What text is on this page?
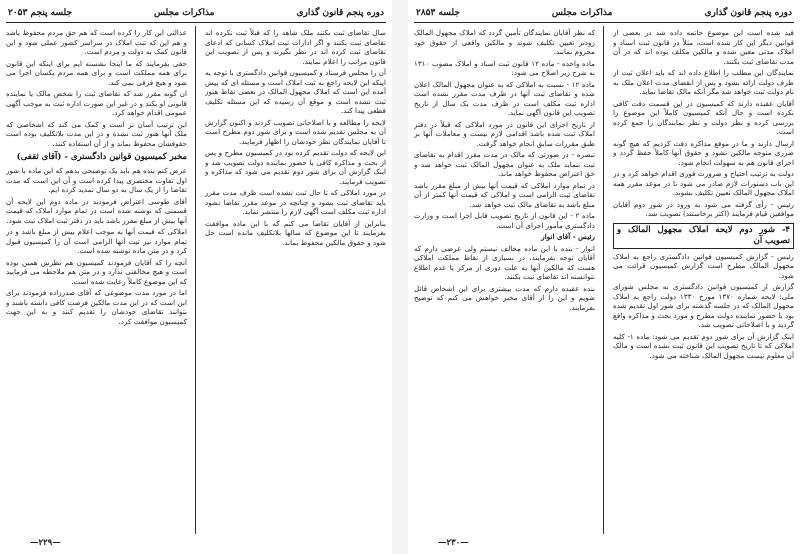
دوره پنجم قانون گذاری
مذاکرات مجلس
جلسه پنجم ۲۰۵۳

سال تقاضای ثبت بکنند ملک شاهد را که قبلاً ثبت نکرده اند تقاضای ثبت بکنند و اگر ادارات ثبت املاک کسانی که ادعای تقاضای ثبت کرده اند در نظر بگیرند و پس از تصویب این قانون مراتب را اعلام نمایند.

آن را مجلس فرستاد و کمیسیون قوانین دادگستری با توجه به اینکه این لایحه راجع به ثبت املاک است و مسئله ای که پیش آمده این است که املاک مجهول المالک در بعضی نقاط هنوز ثبت نشده است و موقع آن رسیده که این مسئله تکلیف قطعی پیدا کند.

لایحه را مطالعه و با اصلاحاتی تصویب کردند و اکنون گزارش آن به مجلس تقدیم شده است و برای شور دوم مطرح است تا آقایان نمایندگان نظر خودشان را اظهار فرمایند.

این لایحه که دولت تقدیم کرده بود در کمیسیون مطرح و پس از بحث و مذاکره کافی با حضور نماینده دولت تصویب شد و اینک گزارش آن برای شور دوم تقدیم می شود که مذاکره و تصویب فرمایند.

در مورد املاکی که تا حال ثبت نشده است ظرف مدت مقرر باید تقاضای ثبت بشود و چنانچه در موعد مقرر تقاضا نشود اداره ثبت مکلف است آگهی لازم را منتشر نماید.

بنابراین از آقایان تقاضا می کنم که با این ماده موافقت بفرمایند تا این موضوع که سالها بلاتکلیف مانده است حل شود و حقوق مالکین محفوظ بماند.

عدالتی این کار را کرده است که هم حق مردم محفوظ باشد و هم این که ثبت املاک در سراسر کشور عملی شود و این قانون کمک به دولت و مردم است.

حقی بفرمایند که ما اینجا نشسته ایم برای اینکه این قانون برای همه مملکت است و برای همه مردم یکسان اجرا می شود و هیچ فرقی نمی کند.

ان گونه مقرر شد که تقاضای ثبت را شخص مالک یا نماینده قانونی او بکند و در غیر این صورت اداره ثبت به موجب آگهی عمومی اقدام خواهد کرد.

این ترتیب آسان تر است و کمک می کند که اشخاصی که ملک آنها هنوز ثبت نشده و در این مدت بلاتکلیف بوده است حقوقشان محفوظ بماند و از آن استفاده کنند.

مخبر کمیسیون قوانین دادگستری - (آقای ثقفی)

عرض کنم بنده هم باید یک توضیحی بدهم که این ماده با شور اول تفاوت مختصری پیدا کرده است و آن این است که مدت تقاضا را از یک سال به دو سال تمدید کرده ایم.

آقای طوسی اعتراض فرمودند در ماده دوم این لایحه آن قسمتی که نوشته شده است در تمام موارد املاک که قیمت آنها بیش از مبلغ مقرر باشد باید در دفتر ثبت املاک ثبت شود.

املاکی که قیمت آنها به موجب اعلام بیش از مبلغ باشد و در تمام موارد نیز ثبت آنها الزامی است آن را کمیسیون قبول کرد و در متن ماده نوشته شده است.

آنچه را که آقایان فرمودند کمیسیون هم نظرش همین بوده است و هیچ مخالفتی ندارد و در متن هم ملاحظه می فرمایید که این موضوع کاملاً رعایت شده است.

اما در مورد مدت موضوعی که آقای صدرزاده فرمودند برای این است که در این مدت مالکین فرصت کافی داشته باشند و بتوانند تقاضای خودشان را تقدیم کنند و به این جهت کمیسیون موافقت کرد.

—۲۲۹—
دوره پنجم قانون گذاری
مذاکرات مجلس
جلسه ۲۸۵۳

قید شده است این موضوع خاتمه داده شد در بعضی از قوانین دیگر این کار شده است، مثلاً در قانون ثبت اسناد و املاک مدتی معین شده و مالکین مکلف بوده اند که در آن مدت تقاضای ثبت بکنند.

نمایندگان این مطلب را اطلاع داده اند که باید اعلان ثبت از طرف دولت ارائه بشود و پس از انقضای مدت اعلان ملک به نام دولت ثبت خواهد شد مگر آنکه مالک تقاضا نماید.

آقایان عقیده دارند که کمیسیون در این قسمت دقت کافی نکرده است و حال آنکه کمیسیون کاملاً این موضوع را بررسی کرده و نظر دولت و نظر نمایندگان را جمع کرده است.

ارسال دارند و ما در موقع مذاکره دقت کردیم که هیچ گونه ضرری متوجه مالکین نشود و حقوق آنها کاملاً حفظ گردد و اجرای قانون هم به سهولت انجام شود.

دولت به ترتیب احتیاج و ضرورت فوری اقدام خواهد کرد و در این باب دستورات لازم صادر می شود تا در موعد مقرر همه املاک مجهول المالک تعیین تکلیف بشوند.

رئیس - رأی گرفته می شود به ورود در شور دوم آقایان موافقین قیام فرمایند (اکثر برخاستند) تصویب شد.

۴- شور دوم لایحه املاک مجهول المالک و تصویب آن

رئیس - گزارش کمیسیون قوانین دادگستری راجع به املاک مجهول المالک مطرح است گزارش کمیسیون قرائت می شود.

گزارش از کمیسیون قوانین دادگستری به مجلس شورای ملی: لایحه شماره ۱۳۷۰ مورخ ۱۳۳۰ دولت راجع به املاک مجهول المالک که در جلسه گذشته برای شور اول تقدیم شده بود با حضور نماینده دولت مطرح و مورد بحث و مذاکره واقع گردید و با اصلاحاتی تصویب شد.

اینک گزارش آن برای شور دوم تقدیم می شود: ماده ۱- کلیه املاکی که تا تاریخ تصویب این قانون ثبت نشده است و مالک آن معلوم نیست مجهول المالک شناخته می شود.

که نظر آقایان نمایندگان تأمین گردد که املاک مجهول المالک زودتر تعیین تکلیف شوند و مالکین واقعی از حقوق خود محروم نمانند.

ماده واحده - ماده ۱۲ قانون ثبت اسناد و املاک مصوب ۱۳۱۰ به شرح زیر اصلاح می شود:

ماده ۱۲ - نسبت به املاکی که به عنوان مجهول المالک اعلان شده و تقاضای ثبت آنها در ظرف مدت مقرر نشده است اداره ثبت مکلف است در ظرف مدت یک سال از تاریخ تصویب این قانون آگهی نماید.

از تاریخ اجرای این قانون در مورد املاکی که قبلاً در دفتر املاک ثبت شده باشد اقدامی لازم نیست و معاملات آنها بر طبق مقررات سابق انجام خواهد گرفت.

تبصره - در صورتی که مالک در مدت مقرر اقدام به تقاضای ثبت ننماید ملک به عنوان مجهول المالک ثبت خواهد شد و حق اعتراض محفوظ خواهد ماند.

در تمام موارد املاکی که قیمت آنها بیش از مبلغ مقرر باشد تقاضای ثبت الزامی است و املاکی که قیمت آنها کمتر از آن مبلغ باشد به تقاضای مالک ثبت خواهد شد.

ماده ۲ - این قانون از تاریخ تصویب قابل اجرا است و وزارت دادگستری مأمور اجرای آن است.

رئیس - آقای انوار

انوار - بنده با این ماده مخالف نیستم ولی عرضی دارم که آقایان توجه بفرمایند، در بسیاری از نقاط مملکت املاکی هست که مالکین آنها به علت دوری از مرکز یا عدم اطلاع نتوانسته اند تقاضای ثبت بکنند.

بنده عقیده دارم که مدت بیشتری برای این اشخاص قائل شویم و این را از آقای مخبر خواهش می کنم که توضیح بفرمایند.

—۲۳۰—
